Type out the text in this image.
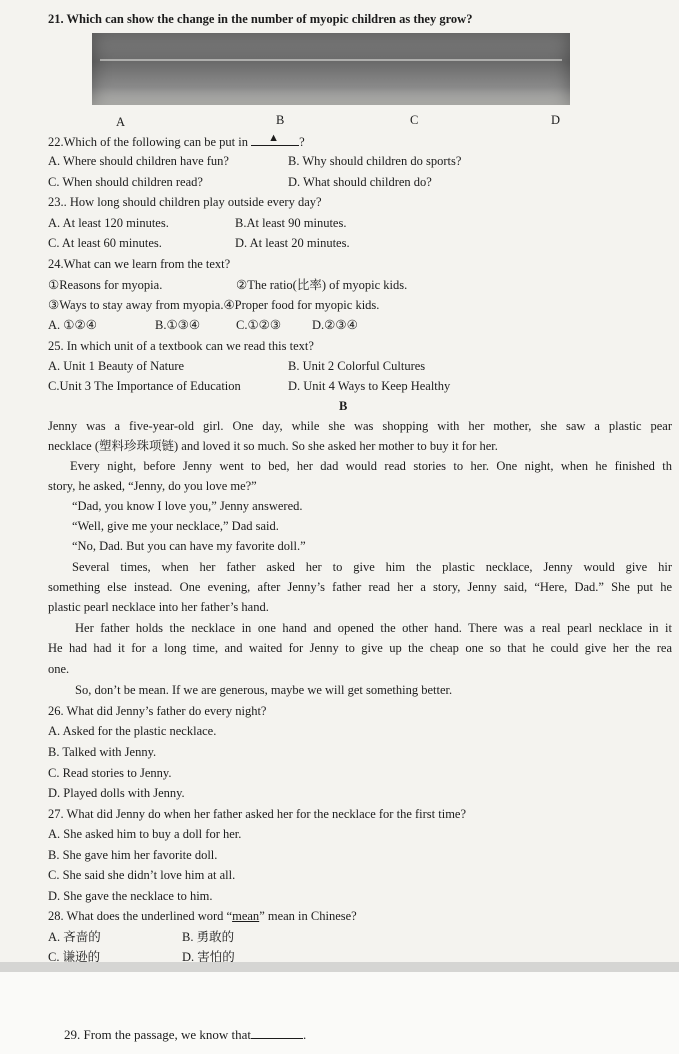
21. Which can show the change in the number of myopic children as they grow?
A	B	C	D
22.Which of the following can be put in ▲ ?
A. Where should children have fun?	B. Why should children do sports?
C. When should children read?	D. What should children do?
23.. How long should children play outside every day?
A. At least 120 minutes.	B.At least 90 minutes.
C. At least 60 minutes.	D. At least 20 minutes.
24.What can we learn from the text?
①Reasons for myopia.	②The ratio(比率) of myopic kids.
③Ways to stay away from myopia.④Proper food for myopic kids.
A. ①②④	B.①③④	C.①②③ D.②③④
25. In which unit of a textbook can we read this text?
A. Unit 1 Beauty of Nature	B. Unit 2 Colorful Cultures
C.Unit 3 The Importance of Education	D. Unit 4 Ways to Keep Healthy
B
Jenny was a five-year-old girl. One day, while she was shopping with her mother, she saw a plastic pear
necklace (塑料珍珠项链) and loved it so much. So she asked her mother to buy it for her.
Every night, before Jenny went to bed, her dad would read stories to her. One night, when he finished th
story, he asked, “Jenny, do you love me?”
“Dad, you know I love you,” Jenny answered.
“Well, give me your necklace,” Dad said.
“No, Dad. But you can have my favorite doll.”
Several times, when her father asked her to give him the plastic necklace, Jenny would give hir
something else instead. One evening, after Jenny’s father read her a story, Jenny said, “Here, Dad.” She put he
plastic pearl necklace into her father’s hand.
Her father holds the necklace in one hand and opened the other hand. There was a real pearl necklace in it
He had had it for a long time, and waited for Jenny to give up the cheap one so that he could give her the rea
one.
So, don’t be mean. If we are generous, maybe we will get something better.
26. What did Jenny’s father do every night?
A. Asked for the plastic necklace.
B. Talked with Jenny.
C. Read stories to Jenny.
D. Played dolls with Jenny.
27. What did Jenny do when her father asked her for the necklace for the first time?
A. She asked him to buy a doll for her.
B. She gave him her favorite doll.
C. She said she didn’t love him at all.
D. She gave the necklace to him.
28. What does the underlined word “mean” mean in Chinese?
A. 吝啬的	B. 勇敢的
C. 谦逊的	D. 害怕的
29. From the passage, we know that	.
